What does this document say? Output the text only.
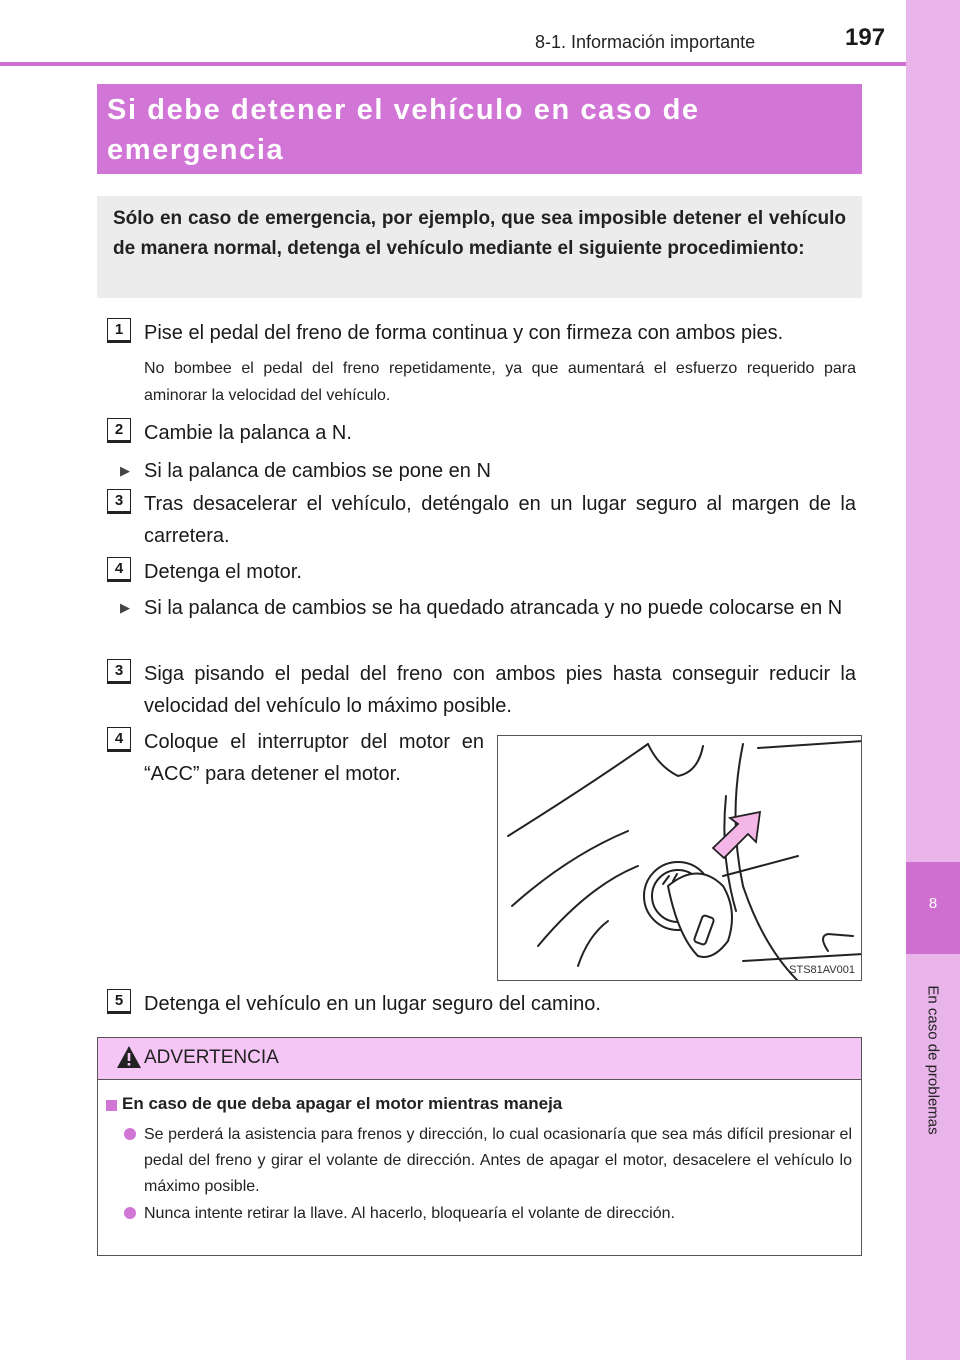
8
En caso de problemas
8-1. Información importante	197
Si debe detener el vehículo en caso de emergencia

Sólo en caso de emergencia, por ejemplo, que sea imposible detener el vehículo de manera normal, detenga el vehículo mediante el siguiente procedimiento:

1	Pise el pedal del freno de forma continua y con firmeza con ambos pies.
No bombee el pedal del freno repetidamente, ya que aumentará el esfuerzo requerido para aminorar la velocidad del vehículo.
2	Cambie la palanca a N.
▶ Si la palanca de cambios se pone en N
3	Tras desacelerar el vehículo, deténgalo en un lugar seguro al margen de la carretera.
4	Detenga el motor.
▶ Si la palanca de cambios se ha quedado atrancada y no puede colocarse en N
3	Siga pisando el pedal del freno con ambos pies hasta conseguir reducir la velocidad del vehículo lo máximo posible.
4	Coloque el interruptor del motor en “ACC” para detener el motor.
STS81AV001
5	Detenga el vehículo en un lugar seguro del camino.
ADVERTENCIA
En caso de que deba apagar el motor mientras maneja
Se perderá la asistencia para frenos y dirección, lo cual ocasionaría que sea más difícil presionar el pedal del freno y girar el volante de dirección. Antes de apagar el motor, desacelere el vehículo lo máximo posible.
Nunca intente retirar la llave. Al hacerlo, bloquearía el volante de dirección.
